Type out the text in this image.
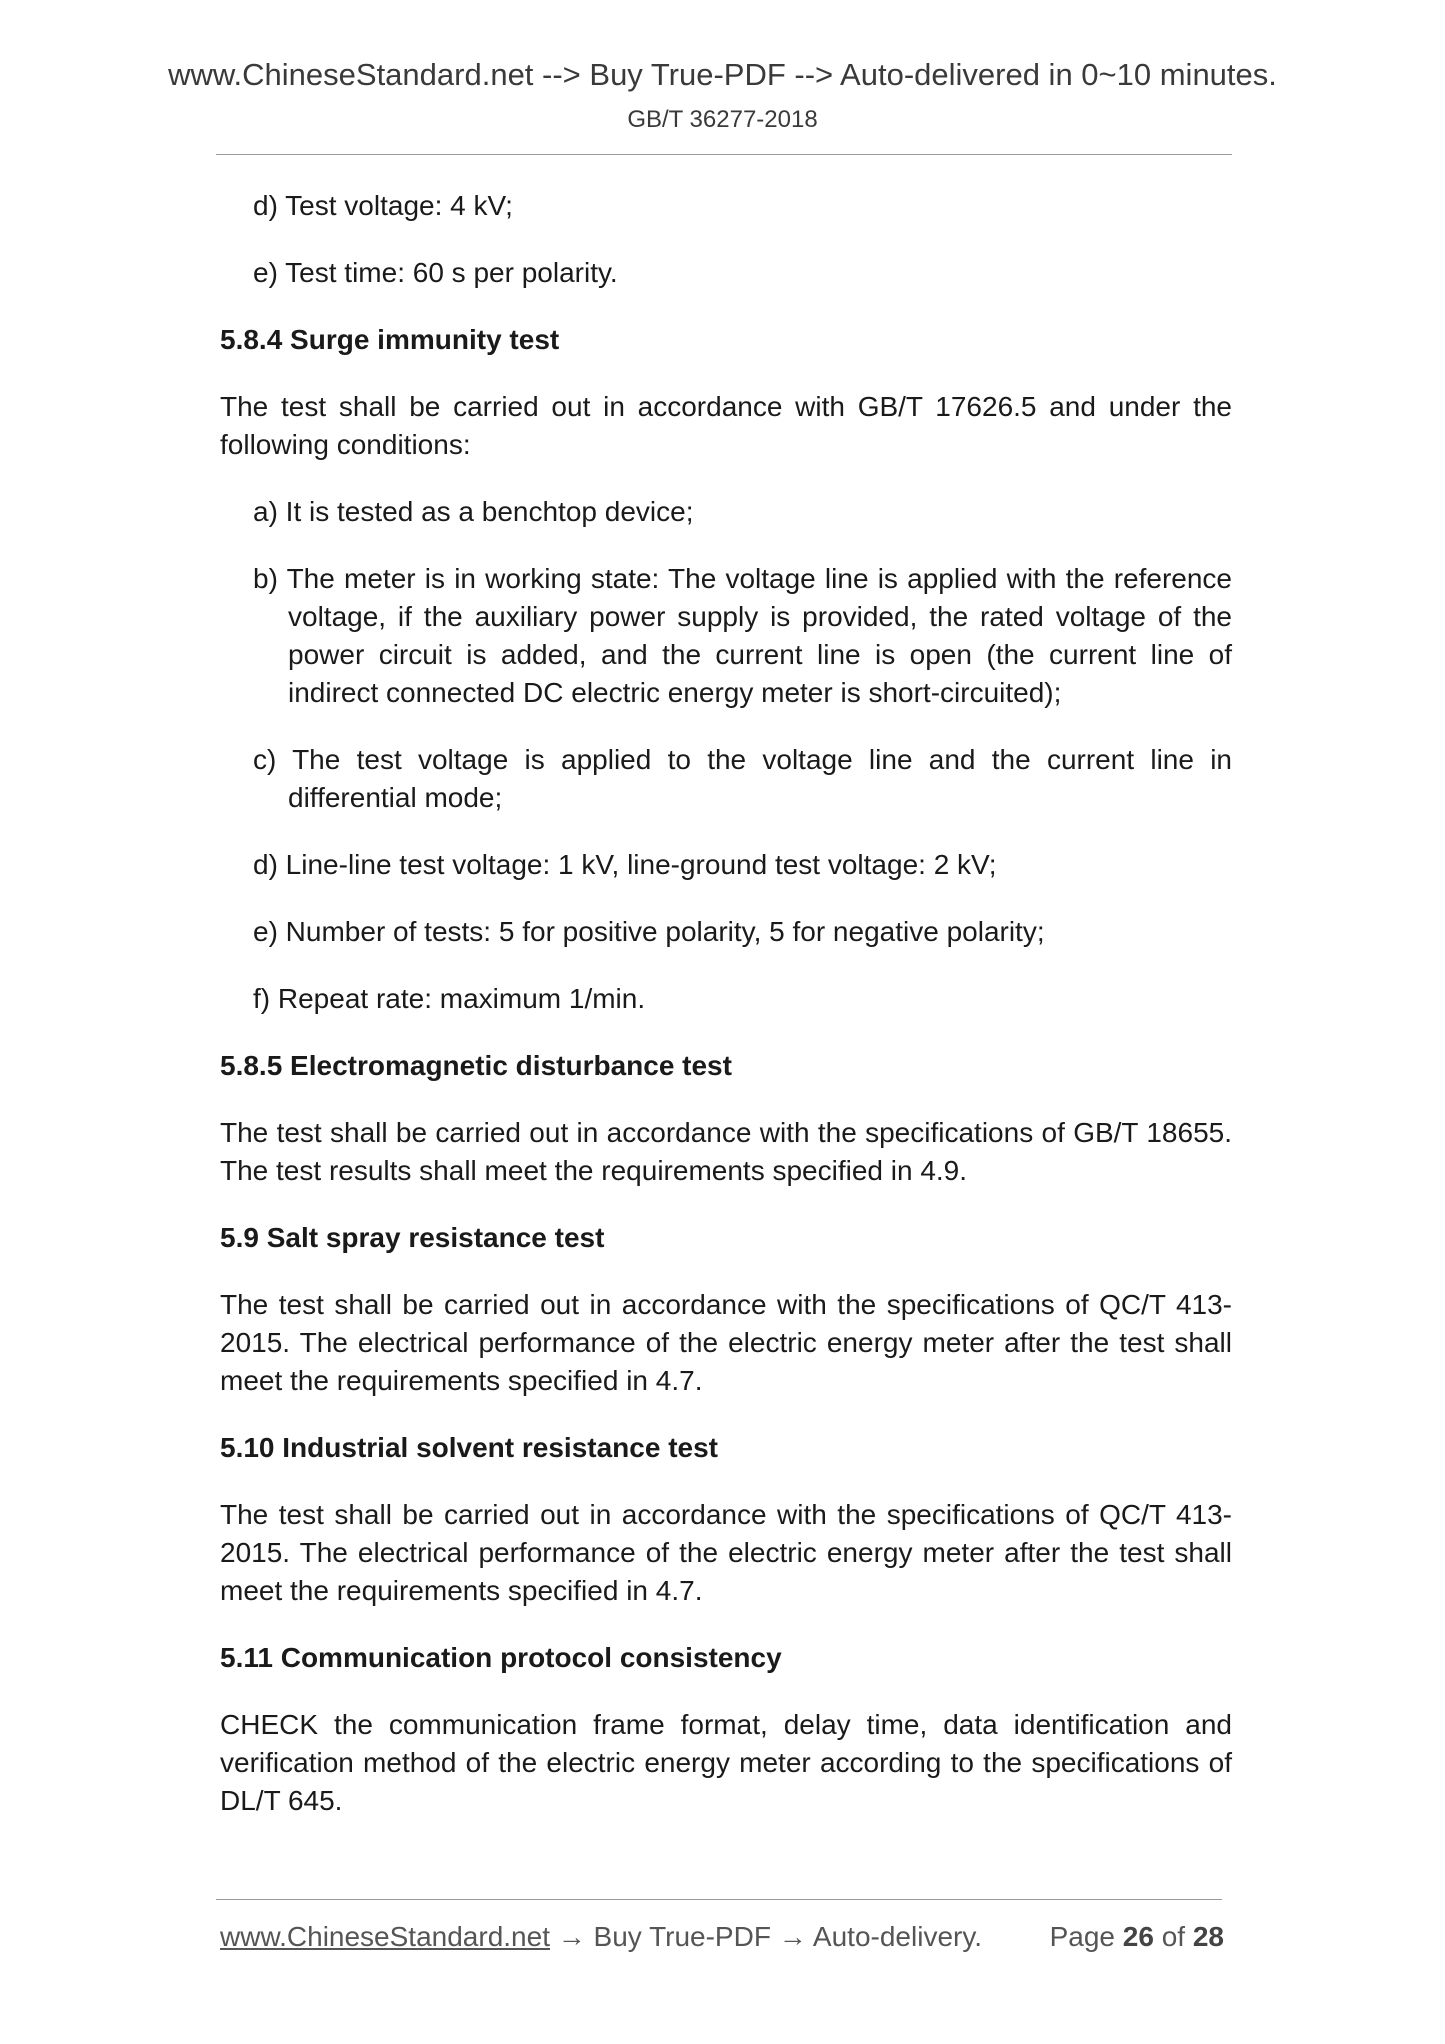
www.ChineseStandard.net --> Buy True-PDF --> Auto-delivered in 0~10 minutes.
GB/T 36277-2018

d) Test voltage: 4 kV;

e) Test time: 60 s per polarity.

5.8.4 Surge immunity test

The test shall be carried out in accordance with GB/T 17626.5 and under the following conditions:

a) It is tested as a benchtop device;

b) The meter is in working state: The voltage line is applied with the reference voltage, if the auxiliary power supply is provided, the rated voltage of the power circuit is added, and the current line is open (the current line of indirect connected DC electric energy meter is short-circuited);

c) The test voltage is applied to the voltage line and the current line in differential mode;

d) Line-line test voltage: 1 kV, line-ground test voltage: 2 kV;

e) Number of tests: 5 for positive polarity, 5 for negative polarity;

f) Repeat rate: maximum 1/min.

5.8.5 Electromagnetic disturbance test

The test shall be carried out in accordance with the specifications of GB/T 18655. The test results shall meet the requirements specified in 4.9.

5.9 Salt spray resistance test

The test shall be carried out in accordance with the specifications of QC/T 413-2015. The electrical performance of the electric energy meter after the test shall meet the requirements specified in 4.7.

5.10 Industrial solvent resistance test

The test shall be carried out in accordance with the specifications of QC/T 413-2015. The electrical performance of the electric energy meter after the test shall meet the requirements specified in 4.7.

5.11 Communication protocol consistency

CHECK the communication frame format, delay time, data identification and verification method of the electric energy meter according to the specifications of DL/T 645.

www.ChineseStandard.net → Buy True-PDF → Auto-delivery. Page 26 of 28
